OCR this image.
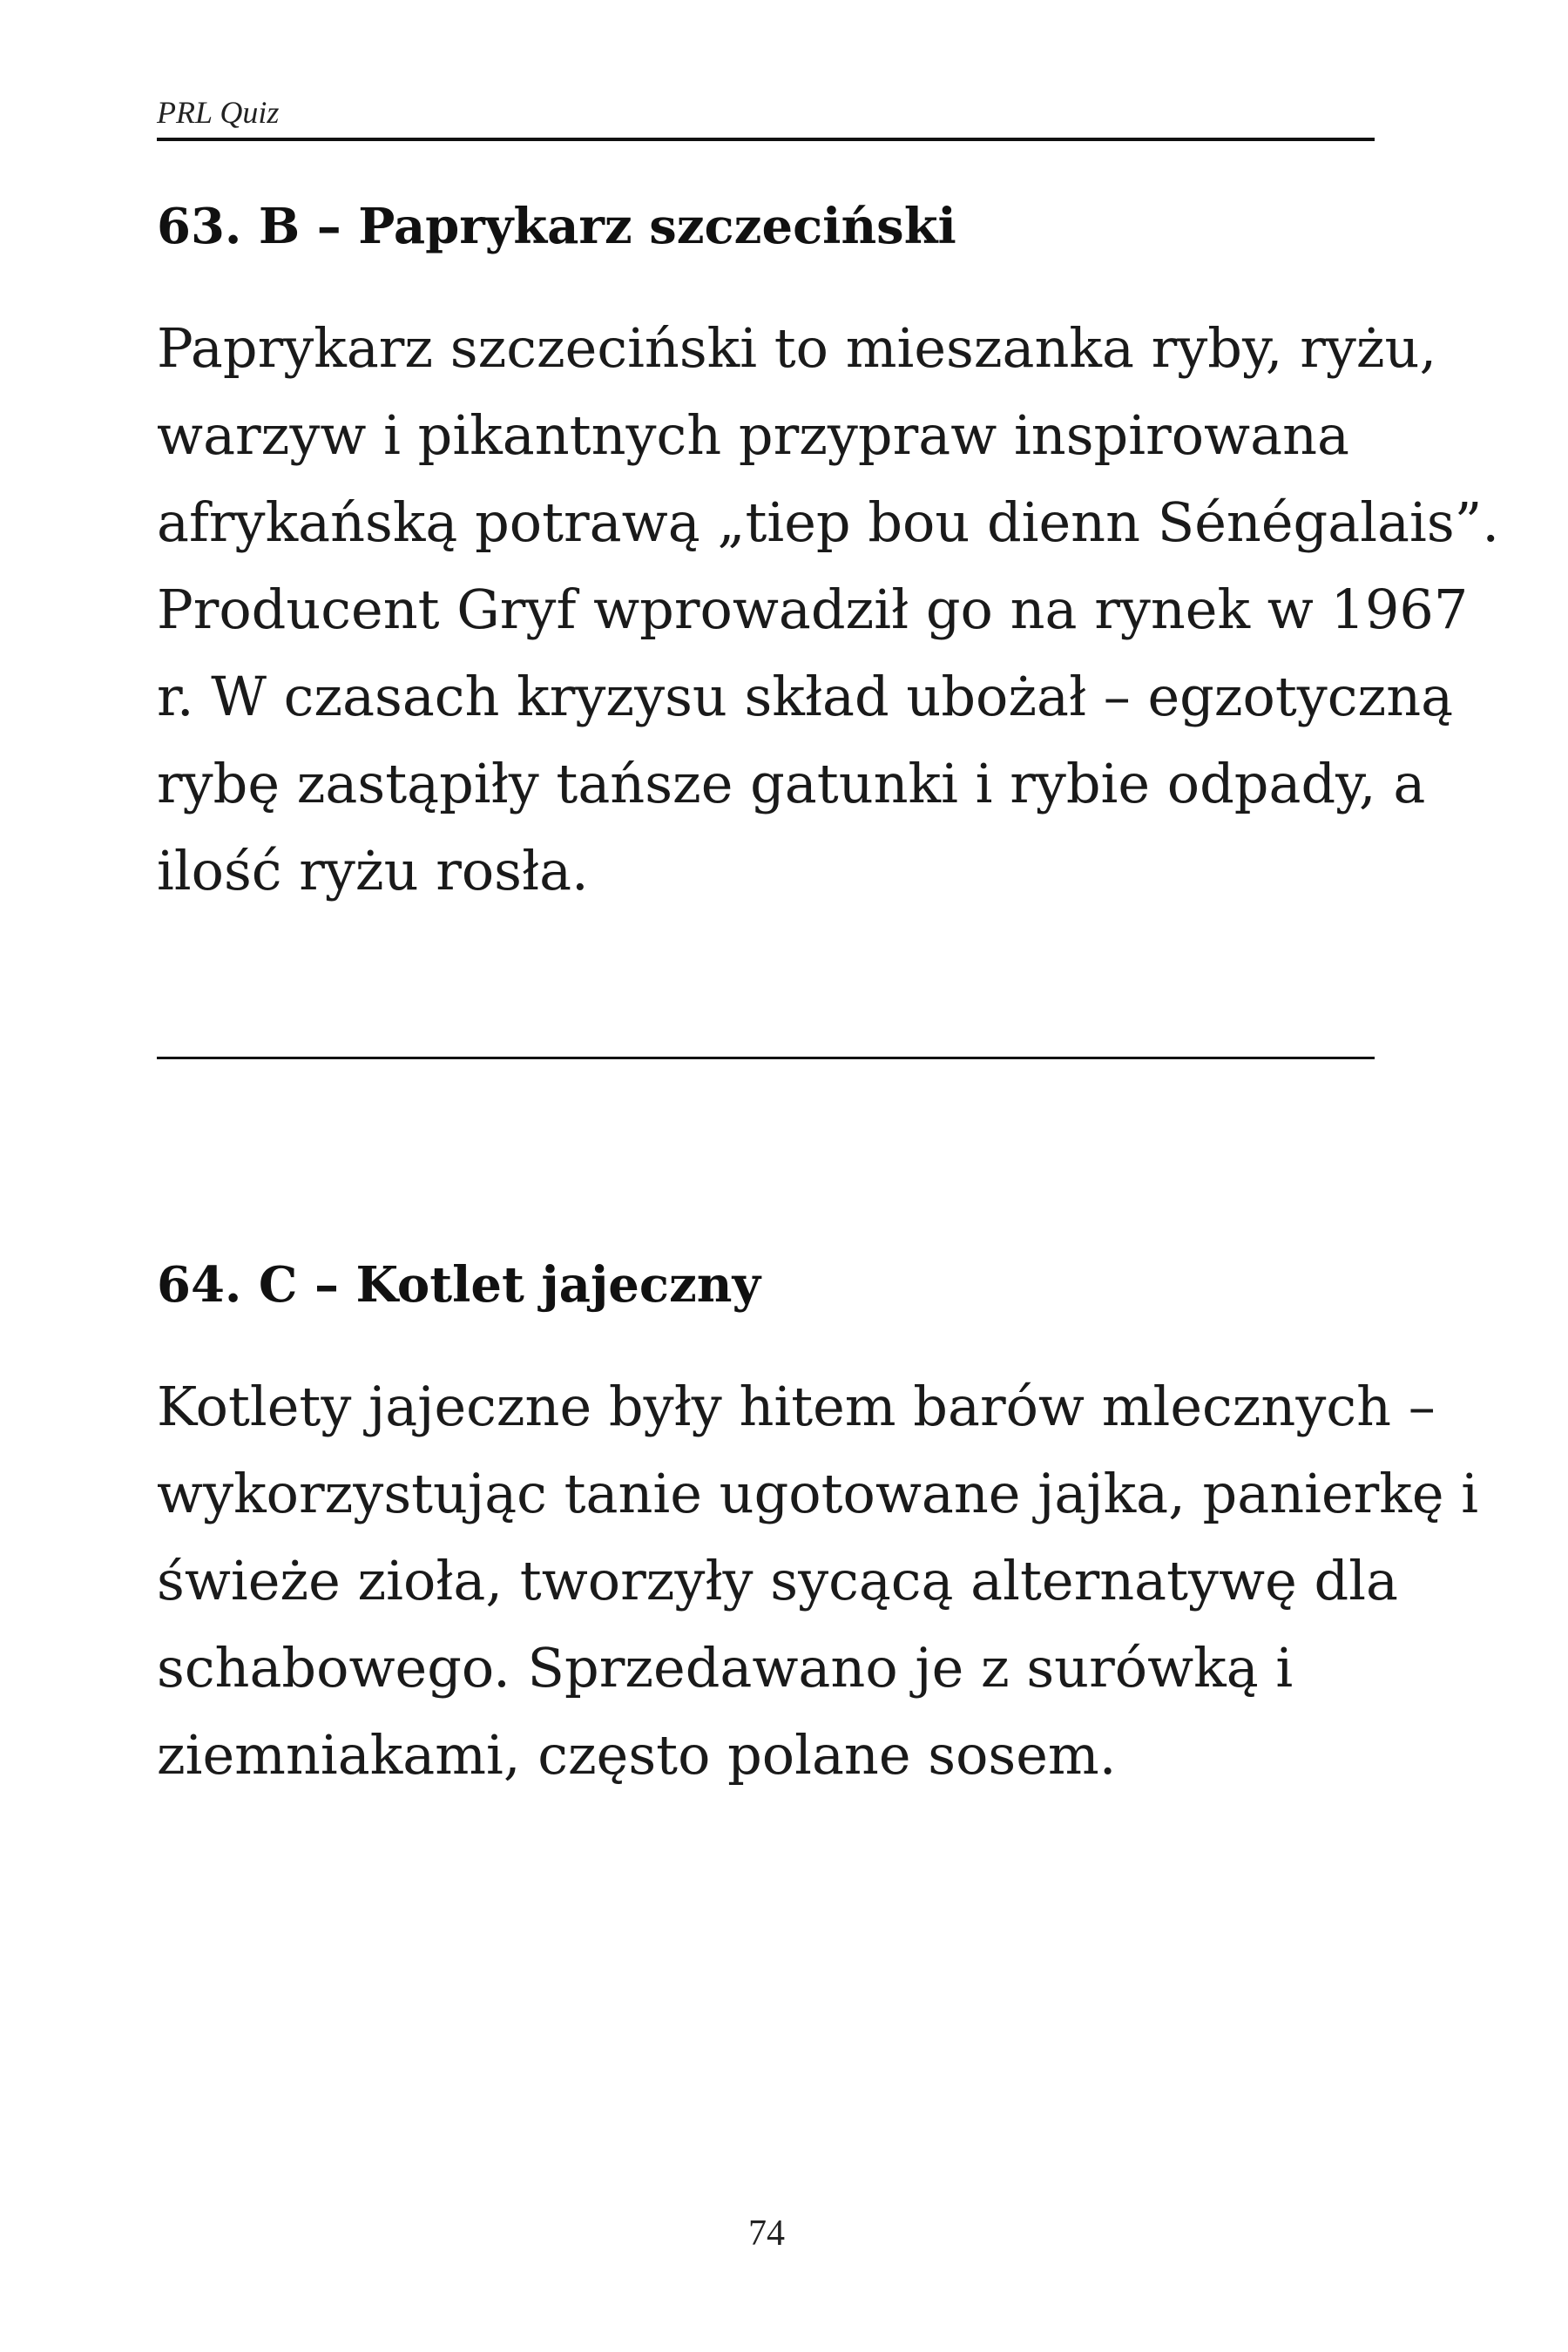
PRL Quiz
63. B – Paprykarz szczeciński

Paprykarz szczeciński to mieszanka ryby, ryżu,
warzyw i pikantnych przypraw inspirowana
afrykańską potrawą „tiep bou dienn Sénégalais”.
Producent Gryf wprowadził go na rynek w 1967
r. W czasach kryzysu skład ubożał – egzotyczną
rybę zastąpiły tańsze gatunki i rybie odpady, a
ilość ryżu rosła.

64. C – Kotlet jajeczny

Kotlety jajeczne były hitem barów mlecznych –
wykorzystując tanie ugotowane jajka, panierkę i
świeże zioła, tworzyły sycącą alternatywę dla
schabowego. Sprzedawano je z surówką i
ziemniakami, często polane sosem.

74
